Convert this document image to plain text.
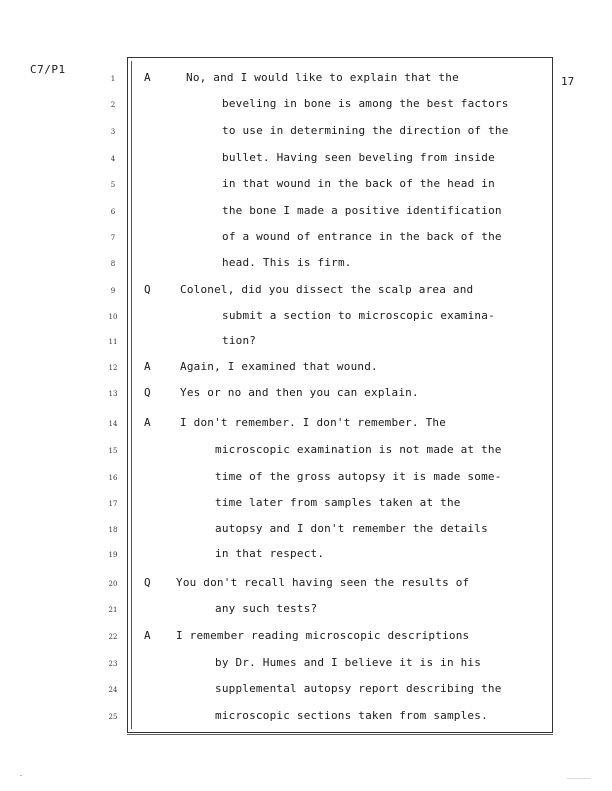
C7/P1
17
1	A	No, and I would like to explain that the
2	beveling in bone is among the best factors
3	to use in determining the direction of the
4	bullet. Having seen beveling from inside
5	in that wound in the back of the head in
6	the bone I made a positive identification
7	of a wound of entrance in the back of the
8	head. This is firm.
9	Q	Colonel, did you dissect the scalp area and
10	submit a section to microscopic examina-
11	tion?
12	A	Again, I examined that wound.
13	Q	Yes or no and then you can explain.
14	A	I don't remember. I don't remember. The
15	microscopic examination is not made at the
16	time of the gross autopsy it is made some-
17	time later from samples taken at the
18	autopsy and I don't remember the details
19	in that respect.
20	Q You don't recall having seen the results of
21	any such tests?
22	A I remember reading microscopic descriptions
23	by Dr. Humes and I believe it is in his
24	supplemental autopsy report describing the
25	microscopic sections taken from samples.
